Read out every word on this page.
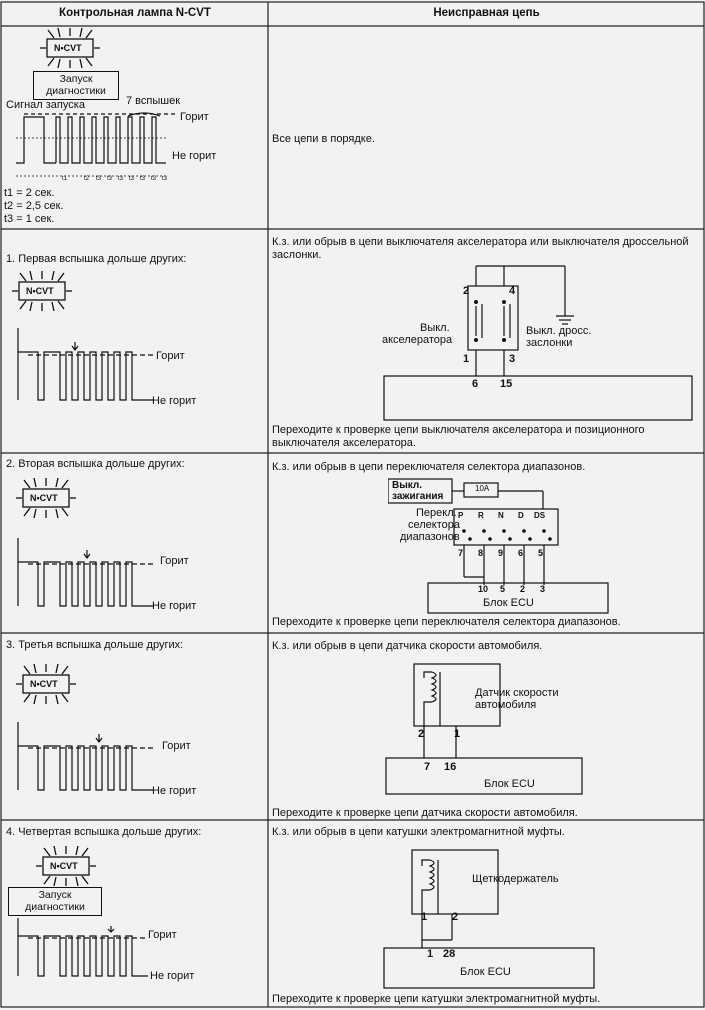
Контрольная лампа N-CVT	Неисправная цепь
N•CVT
Запуск
диагностики
Сигнал запуска	7 вспышек
Горит
Не горит
t1	t2 t3 t3 t3 t3 t3 t3 t3
t1 = 2 сек.
t2 = 2,5 сек.
t3 = 1 сек.
Все цепи в порядке.
1. Первая вспышка дольше других:
N•CVT
Горит
Не горит
К.з. или обрыв в цепи выключателя акселератора или выключателя дроссельной заслонки.
2	4
1	3
Выкл.
акселератора
Выкл. дросс.
заслонки
6 15
Переходите к проверке цепи выключателя акселератора и позиционного выключателя акселератора.
2. Вторая вспышка дольше других:
N•CVT
Горит
Не горит
К.з. или обрыв в цепи переключателя селектора диапазонов.
Выкл.
зажигания
10A
Перекл.
селектора
диапазонов
P R N D DS
7 8 9 6 5
10 5 2 3
Блок ECU
Переходите к проверке цепи переключателя селектора диапазонов.
3. Третья вспышка дольше других:
N•CVT
Горит
Не горит
К.з. или обрыв в цепи датчика скорости автомобиля.
Датчик скорости
автомобиля
2	1
7 16
Блок ECU
Переходите к проверке цепи датчика скорости автомобиля.
4. Четвертая вспышка дольше других:
N•CVT
Запуск
диагностики
Горит
Не горит
К.з. или обрыв в цепи катушки электромагнитной муфты.
Щеткодержатель
1 2
1 28
Блок ECU
Переходите к проверке цепи катушки электромагнитной муфты.
